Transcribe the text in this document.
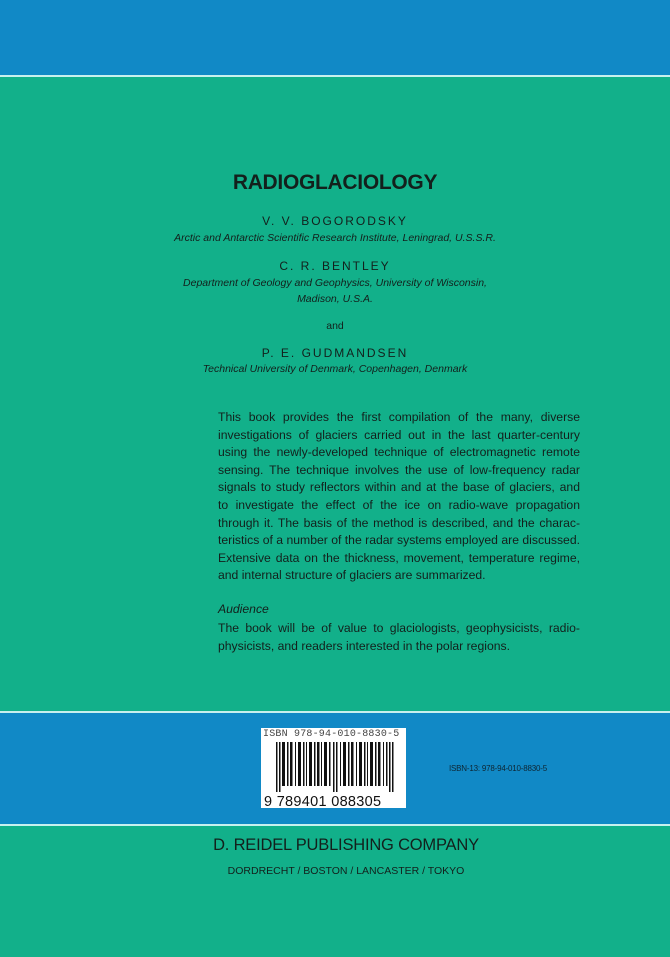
RADIOGLACIOLOGY
V. V. BOGORODSKY
Arctic and Antarctic Scientific Research Institute, Leningrad, U.S.S.R.
C. R. BENTLEY
Department of Geology and Geophysics, University of Wisconsin,
Madison, U.S.A.
and
P. E. GUDMANDSEN
Technical University of Denmark, Copenhagen, Denmark
This book provides the first compilation of the many, diverse
investigations of glaciers carried out in the last quarter-century
using the newly-developed technique of electromagnetic remote
sensing. The technique involves the use of low-frequency radar
signals to study reflectors within and at the base of glaciers, and
to investigate the effect of the ice on radio-wave propagation
through it. The basis of the method is described, and the charac-
teristics of a number of the radar systems employed are discussed.
Extensive data on the thickness, movement, temperature regime,
and internal structure of glaciers are summarized.
Audience
The book will be of value to glaciologists, geophysicists, radio-
physicists, and readers interested in the polar regions.
ISBN 978-94-010-8830-5
9 789401 088305
ISBN-13: 978-94-010-8830-5
D. REIDEL PUBLISHING COMPANY
DORDRECHT / BOSTON / LANCASTER / TOKYO
